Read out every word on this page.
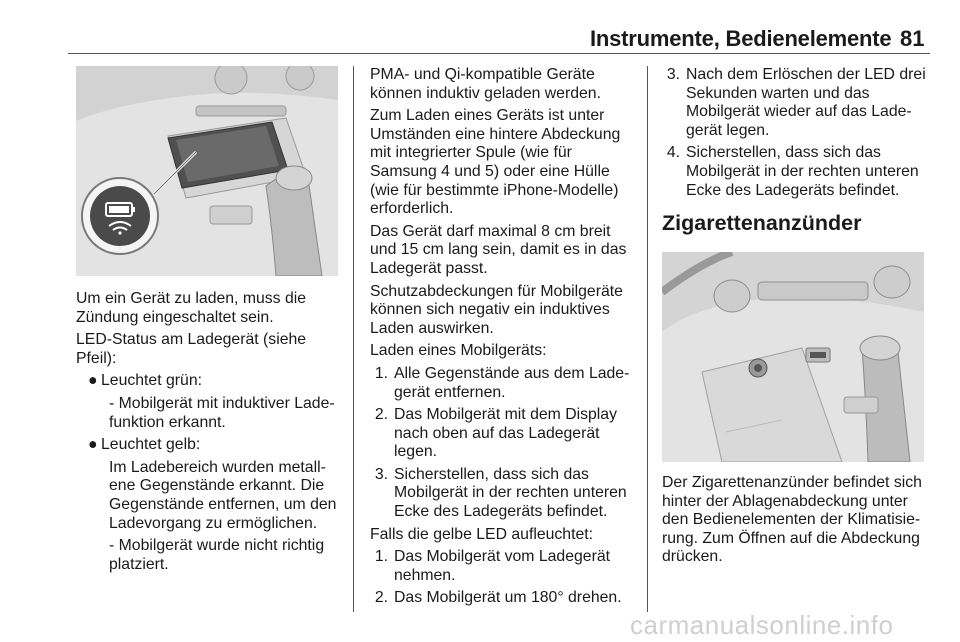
Instrumente, Bedienelemente 81

Um ein Gerät zu laden, muss die Zündung eingeschaltet sein.

LED-Status am Ladegerät (siehe Pfeil):

● Leuchtet grün:

- Mobilgerät mit induktiver Lade-funktion erkannt.

● Leuchtet gelb:

Im Ladebereich wurden metall-ene Gegenstände erkannt. Die Gegenstände entfernen, um den Ladevorgang zu ermöglichen.

- Mobilgerät wurde nicht richtig platziert.

PMA- und Qi-kompatible Geräte können induktiv geladen werden.

Zum Laden eines Geräts ist unter Umständen eine hintere Abdeckung mit integrierter Spule (wie für Samsung 4 und 5) oder eine Hülle (wie für bestimmte iPhone-Modelle) erforderlich.

Das Gerät darf maximal 8 cm breit und 15 cm lang sein, damit es in das Ladegerät passt.

Schutzabdeckungen für Mobilgeräte können sich negativ ein induktives Laden auswirken.

Laden eines Mobilgeräts:

1. Alle Gegenstände aus dem Lade-gerät entfernen.
2. Das Mobilgerät mit dem Display nach oben auf das Ladegerät legen.
3. Sicherstellen, dass sich das Mobilgerät in der rechten unteren Ecke des Ladegeräts befindet.

Falls die gelbe LED aufleuchtet:

1. Das Mobilgerät vom Ladegerät nehmen.
2. Das Mobilgerät um 180° drehen.
3. Nach dem Erlöschen der LED drei Sekunden warten und das Mobilgerät wieder auf das Lade-gerät legen.
4. Sicherstellen, dass sich das Mobilgerät in der rechten unteren Ecke des Ladegeräts befindet.
Zigarettenanzünder

Der Zigarettenanzünder befindet sich hinter der Ablagenabdeckung unter den Bedienelementen der Klimatisie-rung. Zum Öffnen auf die Abdeckung drücken.

carmanualsonline.info
